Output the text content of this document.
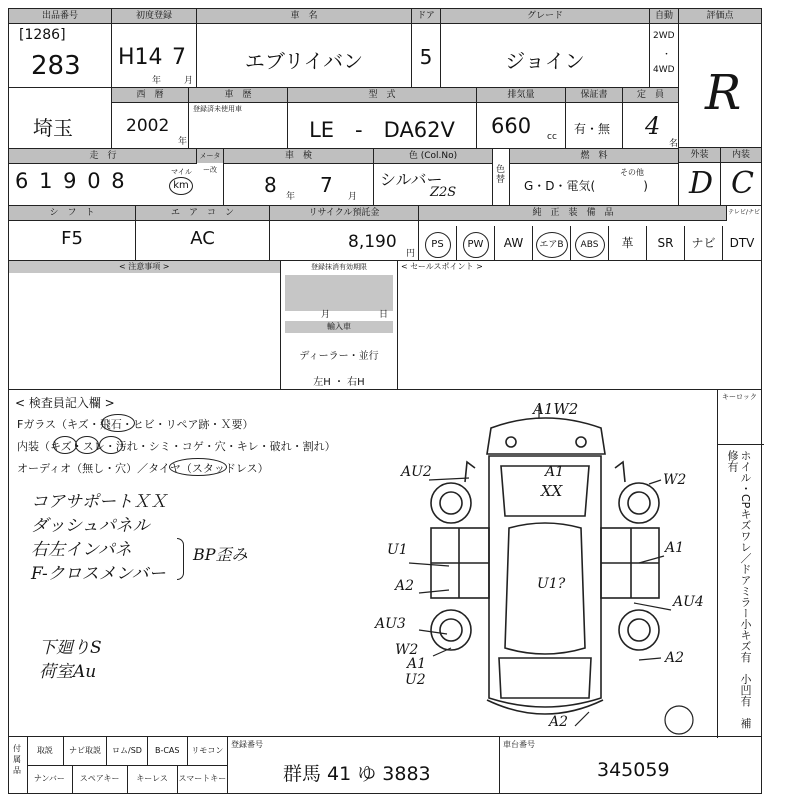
出品番号
[1286]
283
初度登録
H14 7
年	月
車　名
エブリイバン
ドア
5
グレード
ジョイン
自動
2WD
・
4WD
評価点
R
埼玉
西　暦
2002
年
車　歴
登録済未使用車
型　式
LE　-　DA62V
排気量
660 cc
保証書
有・無
定　員
4
名
走　行	メーター改
6 1 9 0 8	マイル
km
車　検
8 年 7 月
色 (Col.No)
シルバー
Z2S
色替
燃　料
G・D・電気(　　　　)
その他
外装
D
内装
C
シ　フ　ト
F5
エ　ア　コ　ン
AC
リサイクル預託金
8,190
円
純　正　装　備　品	テレビ/ナビ
PS	PW	AW	エアB	ABS	革	SR	ナビ	DTV
< 注意事項 >	登録抹消有効期限
月	日
輸入車
ディーラー・並行
左H ・ 右H
< セールスポイント >
< 検査員記入欄 >
Fガラス（キズ・飛石・ヒビ・リペア跡・Ｘ要）
内装（キズ・スレ・汚れ・シミ・コゲ・穴・キレ・破れ・割れ）
オーディオ（無し・穴）／タイヤ（スタッドレス）
コアサポートＸＸ
ダッシュパネル
右左インパネ
F-クロスメンバー
BP歪み
下廻りS
荷室Au
キーロック
ホイル・CPキズワレ／ドアミラー小キズ有　小凹有　補修有
A1W2
AU2	A1
XX
W2
U1	A1
A2	U1?
AU4
AU3
W2
A1
U2
A2
A2
付属品
取説	ナビ取説	ロム/SD	B-CAS	リモコン
ナンバー	スペアキー	キーレス	スマートキー
登録番号
群馬 41 ゆ 3883
車台番号
345059
